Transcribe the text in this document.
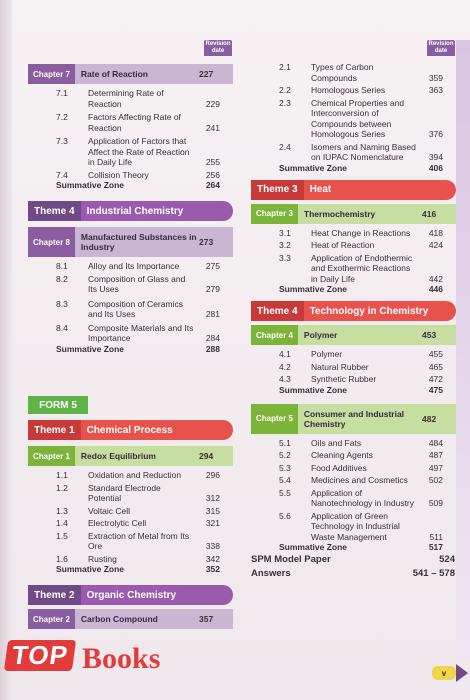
Revision date
Revision date
Chapter 7	Rate of Reaction	227
7.1	Determining Rate of Reaction	229
7.2	Factors Affecting Rate of Reaction	241
7.3	Application of Factors that Affect the Rate of Reaction in Daily Life	255
7.4	Collision Theory	256
Summative Zone	264
Theme 4	Industrial Chemistry
Chapter 8	Manufactured Substances in Industry	273
8.1	Alloy and Its Importance	275
8.2	Composition of Glass and Its Uses	279
8.3	Composition of Ceramics and Its Uses	281
8.4	Composite Materials and Its Importance	284
Summative Zone	288
FORM 5
Theme 1	Chemical Process
Chapter 1	Redox Equilibrium	294
1.1	Oxidation and Reduction	296
1.2	Standard Electrode Potential	312
1.3	Voltaic Cell	315
1.4	Electrolytic Cell	321
1.5	Extraction of Metal from Its Ore	338
1.6	Rusting	342
Summative Zone	352
Theme 2	Organic Chemistry
Chapter 2	Carbon Compound	357
2.1	Types of Carbon Compounds	359
2.2	Homologous Series	363
2.3	Chemical Properties and Interconversion of Compounds between Homologous Series	376
2.4	Isomers and Naming Based on IUPAC Nomenclature	394
Summative Zone	406
Theme 3	Heat
Chapter 3	Thermochemistry	416
3.1	Heat Change in Reactions	418
3.2	Heat of Reaction	424
3.3	Application of Endothermic and Exothermic Reactions in Daily Life	442
Summative Zone	446
Theme 4	Technology in Chemistry
Chapter 4	Polymer	453
4.1	Polymer	455
4.2	Natural Rubber	465
4.3	Synthetic Rubber	472
Summative Zone	475
Chapter 5	Consumer and Industrial Chemistry	482
5.1	Oils and Fats	484
5.2	Cleaning Agents	487
5.3	Food Additives	497
5.4	Medicines and Cosmetics	502
5.5	Application of Nanotechnology in Industry	509
5.6	Application of Green Technology in Industrial Waste Management	511
Summative Zone	517
SPM Model Paper	524
Answers	541 – 578
TOP Books	v
